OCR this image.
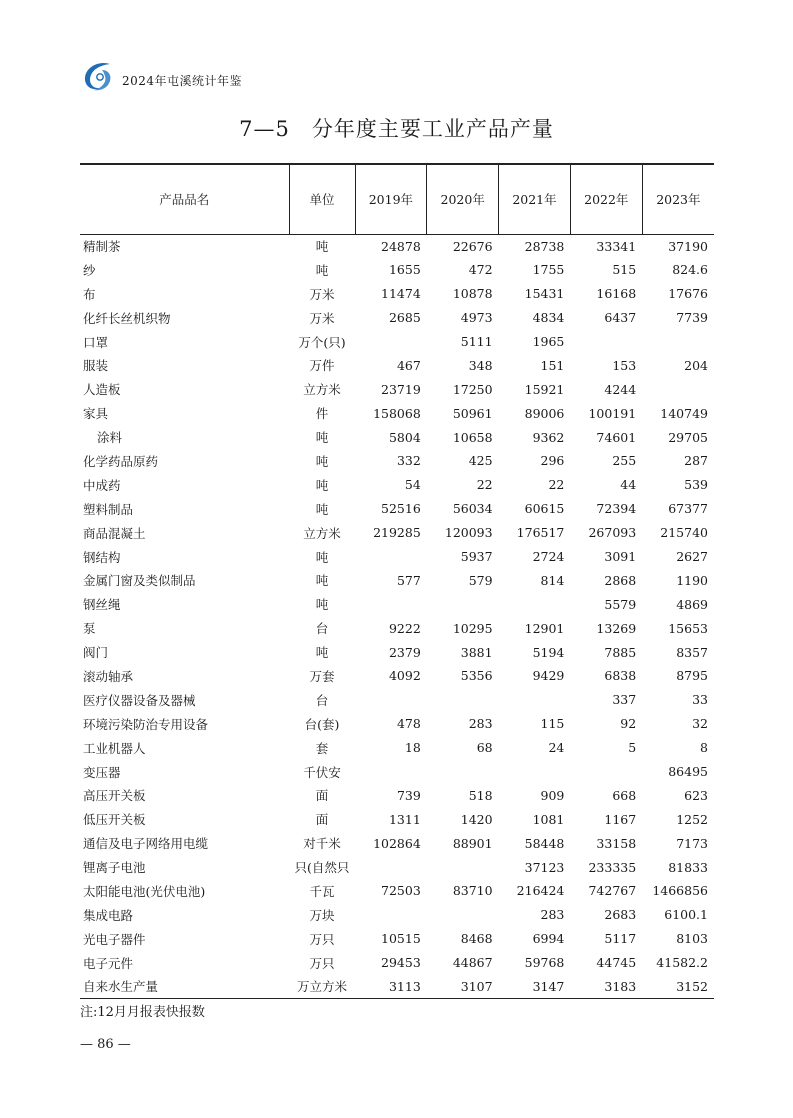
2024年屯溪统计年鉴
7—5 分年度主要工业产品产量
产品品名	单位	2019年	2020年	2021年	2022年	2023年
精制茶	吨	24878	22676	28738	33341	37190
纱	吨	1655	472	1755	515	824.6
布	万米	11474	10878	15431	16168	17676
化纤长丝机织物	万米	2685	4973	4834	6437	7739
口罩	万个(只)		5111	1965		
服装	万件	467	348	151	153	204
人造板	立方米	23719	17250	15921	4244	
家具	件	158068	50961	89006	100191	140749
涂料	吨	5804	10658	9362	74601	29705
化学药品原药	吨	332	425	296	255	287
中成药	吨	54	22	22	44	539
塑料制品	吨	52516	56034	60615	72394	67377
商品混凝土	立方米	219285	120093	176517	267093	215740
钢结构	吨		5937	2724	3091	2627
金属门窗及类似制品	吨	577	579	814	2868	1190
钢丝绳	吨				5579	4869
泵	台	9222	10295	12901	13269	15653
阀门	吨	2379	3881	5194	7885	8357
滚动轴承	万套	4092	5356	9429	6838	8795
医疗仪器设备及器械	台				337	33
环境污染防治专用设备	台(套)	478	283	115	92	32
工业机器人	套	18	68	24	5	8
变压器	千伏安					86495
高压开关板	面	739	518	909	668	623
低压开关板	面	1311	1420	1081	1167	1252
通信及电子网络用电缆	对千米	102864	88901	58448	33158	7173
锂离子电池	只(自然只			37123	233335	81833
太阳能电池(光伏电池)	千瓦	72503	83710	216424	742767	1466856
集成电路	万块			283	2683	6100.1
光电子器件	万只	10515	8468	6994	5117	8103
电子元件	万只	29453	44867	59768	44745	41582.2
自来水生产量	万立方米	3113	3107	3147	3183	3152
注:12月月报表快报数
— 86 —
